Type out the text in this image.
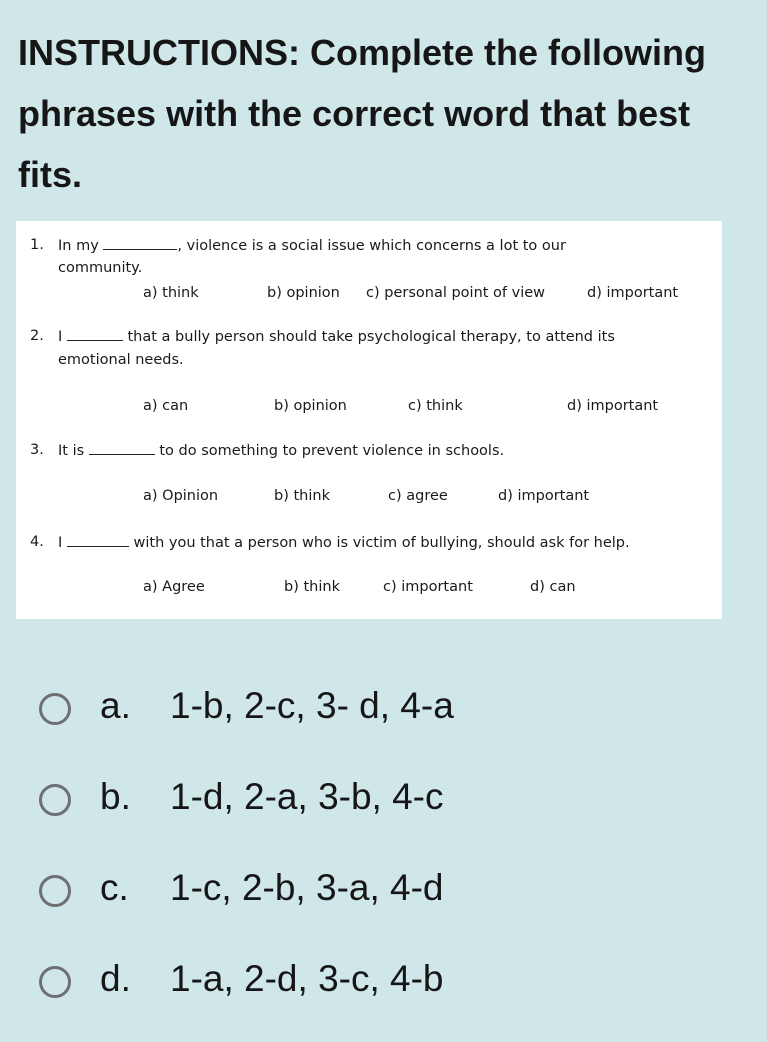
INSTRUCTIONS: Complete the following phrases with the correct word that best fits.
1. In my	, violence is a social issue which concerns a lot to our
community.
a) think	b) opinion c) personal point of view	d) important
2. I	that a bully person should take psychological therapy, to attend its
emotional needs.
a) can	b) opinion	c) think	d) important
3. It is	to do something to prevent violence in schools.
a) Opinion	b) think	c) agree	d) important
4. I	with you that a person who is victim of bullying, should ask for help.
a) Agree	b) think	c) important	d) can
a. 1-b, 2-c, 3- d, 4-a
b. 1-d, 2-a, 3-b, 4-c
c. 1-c, 2-b, 3-a, 4-d
d. 1-a, 2-d, 3-c, 4-b
